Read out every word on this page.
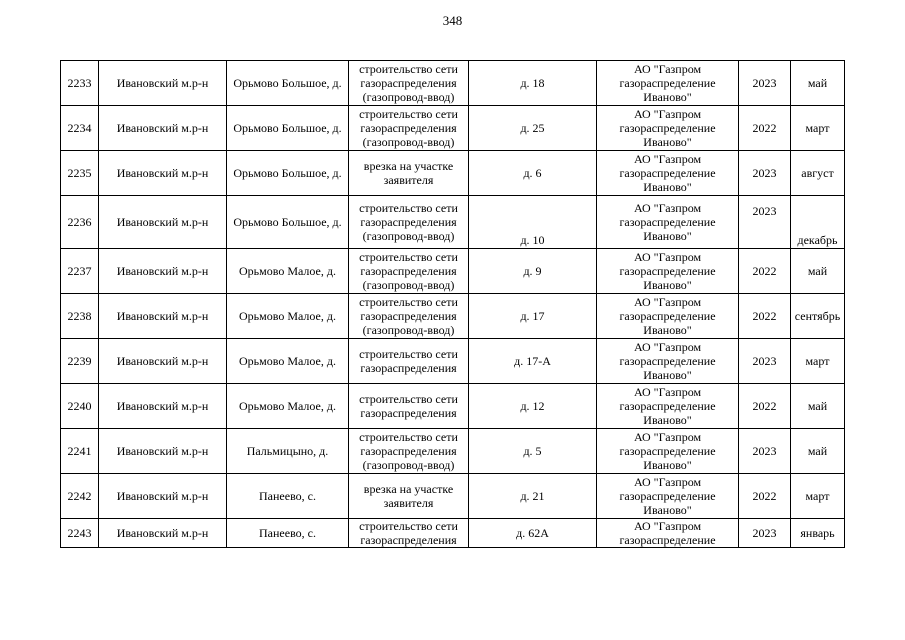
348
2233	Ивановский м.р-н	Орьмово Большое, д.	строительство сети газораспределения (газопровод-ввод)	д. 18	АО "Газпром газораспределение Иваново"	2023	май
2234	Ивановский м.р-н	Орьмово Большое, д.	строительство сети газораспределения (газопровод-ввод)	д. 25	АО "Газпром газораспределение Иваново"	2022	март
2235	Ивановский м.р-н	Орьмово Большое, д.	врезка на участке заявителя	д. 6	АО "Газпром газораспределение Иваново"	2023	август
2236	Ивановский м.р-н	Орьмово Большое, д.	строительство сети газораспределения (газопровод-ввод)	д. 10	АО "Газпром газораспределение Иваново"	2023	декабрь
2237	Ивановский м.р-н	Орьмово Малое, д.	строительство сети газораспределения (газопровод-ввод)	д. 9	АО "Газпром газораспределение Иваново"	2022	май
2238	Ивановский м.р-н	Орьмово Малое, д.	строительство сети газораспределения (газопровод-ввод)	д. 17	АО "Газпром газораспределение Иваново"	2022	сентябрь
2239	Ивановский м.р-н	Орьмово Малое, д.	строительство сети газораспределения	д. 17-А	АО "Газпром газораспределение Иваново"	2023	март
2240	Ивановский м.р-н	Орьмово Малое, д.	строительство сети газораспределения	д. 12	АО "Газпром газораспределение Иваново"	2022	май
2241	Ивановский м.р-н	Пальмицыно, д.	строительство сети газораспределения (газопровод-ввод)	д. 5	АО "Газпром газораспределение Иваново"	2023	май
2242	Ивановский м.р-н	Панеево, с.	врезка на участке заявителя	д. 21	АО "Газпром газораспределение Иваново"	2022	март
2243	Ивановский м.р-н	Панеево, с.	строительство сети газораспределения	д. 62А	АО "Газпром газораспределение	2023	январь
